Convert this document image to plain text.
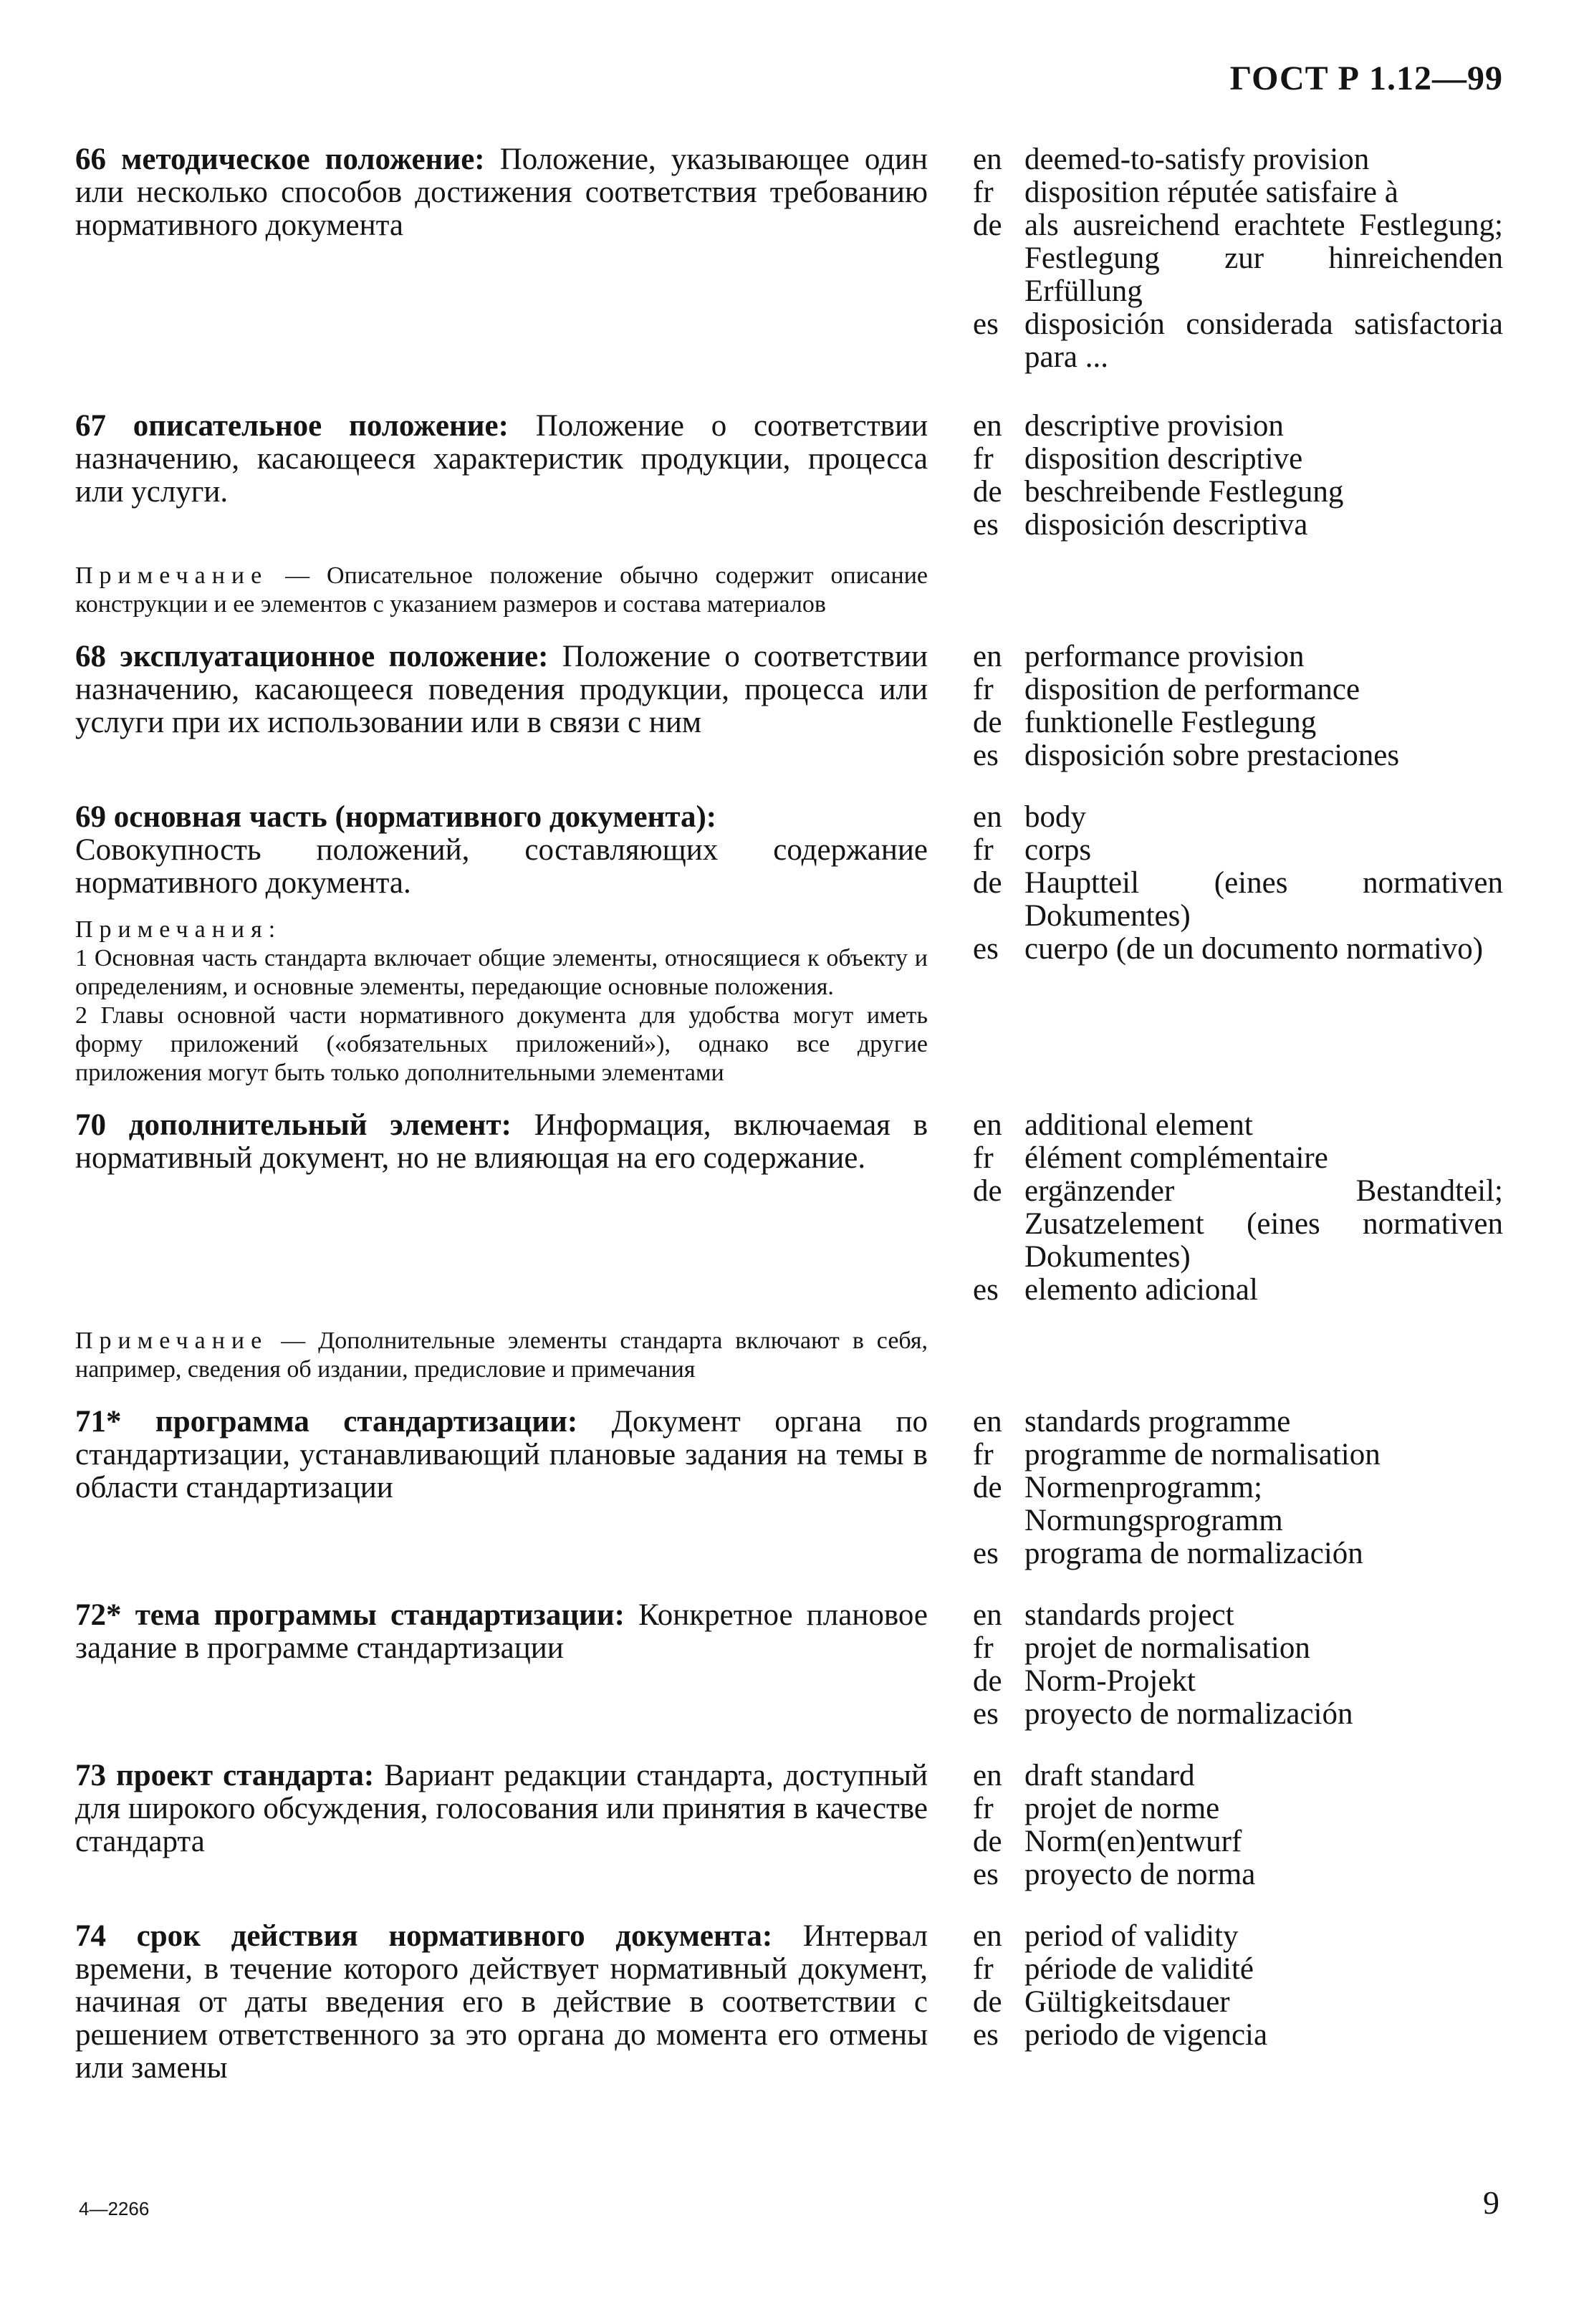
ГОСТ Р 1.12—99
66 методическое положение: Положение, указывающее один или несколько способов достижения соответствия требованию нормативного документа
en deemed-to-satisfy provision
fr	disposition réputée satisfaire à
de als ausreichend erachtete Festlegung; Festlegung zur hinreichenden Erfüllung
es disposición considerada satisfactoria para ...
67 описательное положение: Положение о соответствии назначению, касающееся характеристик продукции, процесса или услуги.
en descriptive provision
fr	disposition descriptive
de beschreibende Festlegung
es disposición descriptiva
Примечание — Описательное положение обычно содержит описание конструкции и ее элементов с указанием размеров и состава материалов
68 эксплуатационное положение: Положение о соответствии назначению, касающееся поведения продукции, процесса или услуги при их использовании или в связи с ним
en performance provision
fr	disposition de performance
de funktionelle Festlegung
es disposición sobre prestaciones
69 основная часть (нормативного документа):
Совокупность положений, составляющих содержание нормативного документа.
Примечания:
1 Основная часть стандарта включает общие элементы, относящиеся к объекту и определениям, и основные элементы, передающие основные положения.
2 Главы основной части нормативного документа для удобства могут иметь форму приложений («обязательных приложений»), однако все другие приложения могут быть только дополнительными элементами
en body
fr	corps
de Hauptteil (eines normativen Dokumentes)
es cuerpo (de un documento normativo)
70 дополнительный элемент: Информация, включаемая в нормативный документ, но не влияющая на его содержание.
en additional element
fr	élément complémentaire
de ergänzender Bestandteil; Zusatzelement (eines normativen Dokumentes)
es elemento adicional
Примечание — Дополнительные элементы стандарта включают в себя, например, сведения об издании, предисловие и примечания
71* программа стандартизации: Документ органа по стандартизации, устанавливающий плановые задания на темы в области стандартизации
en standards programme
fr	programme de normalisation
de Normenprogramm; Normungsprogramm
es programa de normalización
72* тема программы стандартизации: Конкретное плановое задание в программе стандартизации
en standards project
fr	projet de normalisation
de Norm-Projekt
es proyecto de normalización
73 проект стандарта: Вариант редакции стандарта, доступный для широкого обсуждения, голосования или принятия в качестве стандарта
en draft standard
fr	projet de norme
de Norm(en)entwurf
es proyecto de norma
74 срок действия нормативного документа: Интервал времени, в течение которого действует нормативный документ, начиная от даты введения его в действие в соответствии с решением ответственного за это органа до момента его отмены или замены
en period of validity
fr	période de validité
de Gültigkeitsdauer
es periodo de vigencia
4—2266	9
